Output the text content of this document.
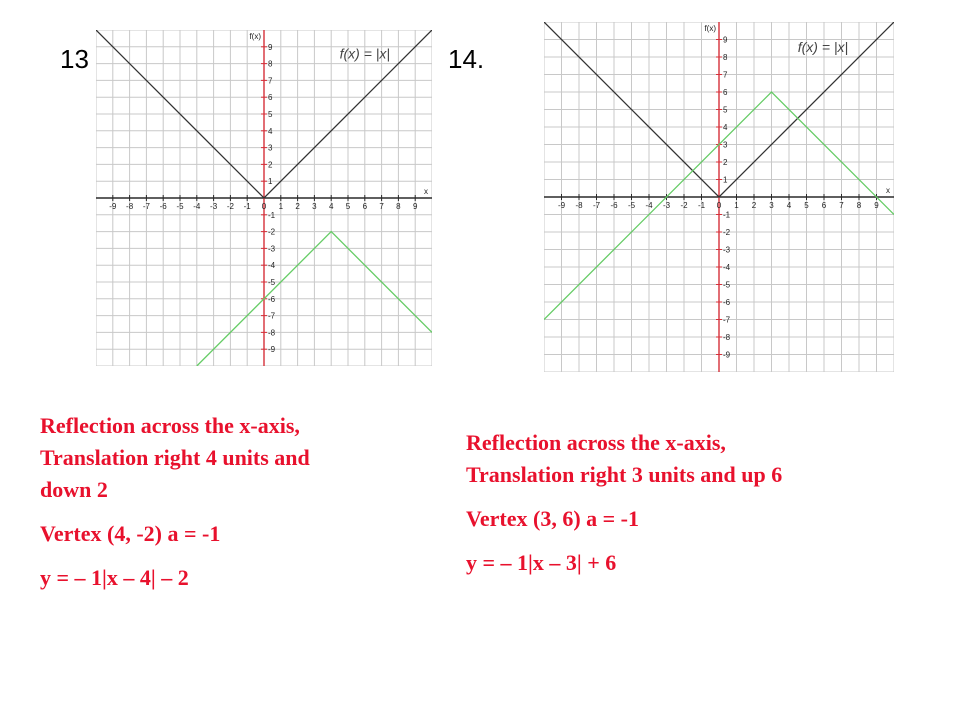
13
-9 -8 -7 -6 -5 -4 -3 -2 -1 0 1 2 3 4 5 6 7 8 9
-9
-8
-7
-6
-5
-4
-3
-2
-1
1
2
3
4
5
6
7
8
9
x
f(x)
f(x) = |x| 14.
-9 -8 -7 -6 -5 -4 -3 -2 -1 0 1 2 3 4 5 6 7 8 9
-9
-8
-7
-6
-5
-4
-3
-2
-1
1
2
3
4
5
6
7
8
9
x
f(x)
f(x) = |x|

Reflection across the x-axis,

Translation right 4 units and

down 2

Vertex (4, -2) a = -1

y = – 1|x – 4| – 2

Reflection across the x-axis,

Translation right 3 units and up 6

Vertex (3, 6) a = -1

y = – 1|x – 3| + 6
